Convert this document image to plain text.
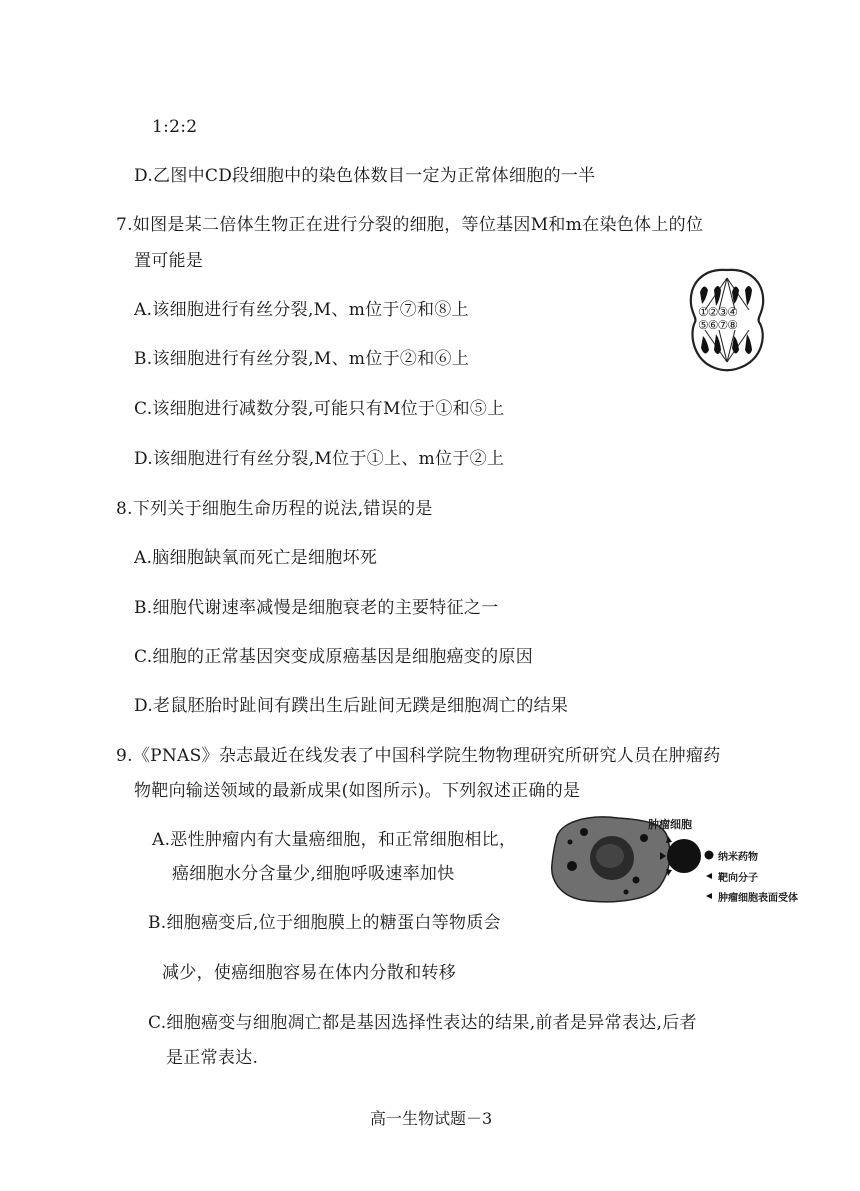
1:2:2
D.乙图中CD段细胞中的染色体数目一定为正常体细胞的一半
7.如图是某二倍体生物正在进行分裂的细胞，等位基因M和m在染色体上的位
置可能是
A.该细胞进行有丝分裂,M、m位于⑦和⑧上
B.该细胞进行有丝分裂,M、m位于②和⑥上
C.该细胞进行减数分裂,可能只有M位于①和⑤上
D.该细胞进行有丝分裂,M位于①上、m位于②上
①②③④
⑤⑥⑦⑧
8.下列关于细胞生命历程的说法,错误的是
A.脑细胞缺氧而死亡是细胞坏死
B.细胞代谢速率减慢是细胞衰老的主要特征之一
C.细胞的正常基因突变成原癌基因是细胞癌变的原因
D.老鼠胚胎时趾间有蹼出生后趾间无蹼是细胞凋亡的结果
9.《PNAS》杂志最近在线发表了中国科学院生物物理研究所研究人员在肿瘤药
物靶向输送领域的最新成果(如图所示)。下列叙述正确的是
A.恶性肿瘤内有大量癌细胞，和正常细胞相比，
癌细胞水分含量少,细胞呼吸速率加快
肿瘤细胞
纳米药物
靶向分子
肿瘤细胞表面受体
B.细胞癌变后,位于细胞膜上的糖蛋白等物质会
减少，使癌细胞容易在体内分散和转移
C.细胞癌变与细胞凋亡都是基因选择性表达的结果,前者是异常表达,后者
是正常表达.
高一生物试题－3
